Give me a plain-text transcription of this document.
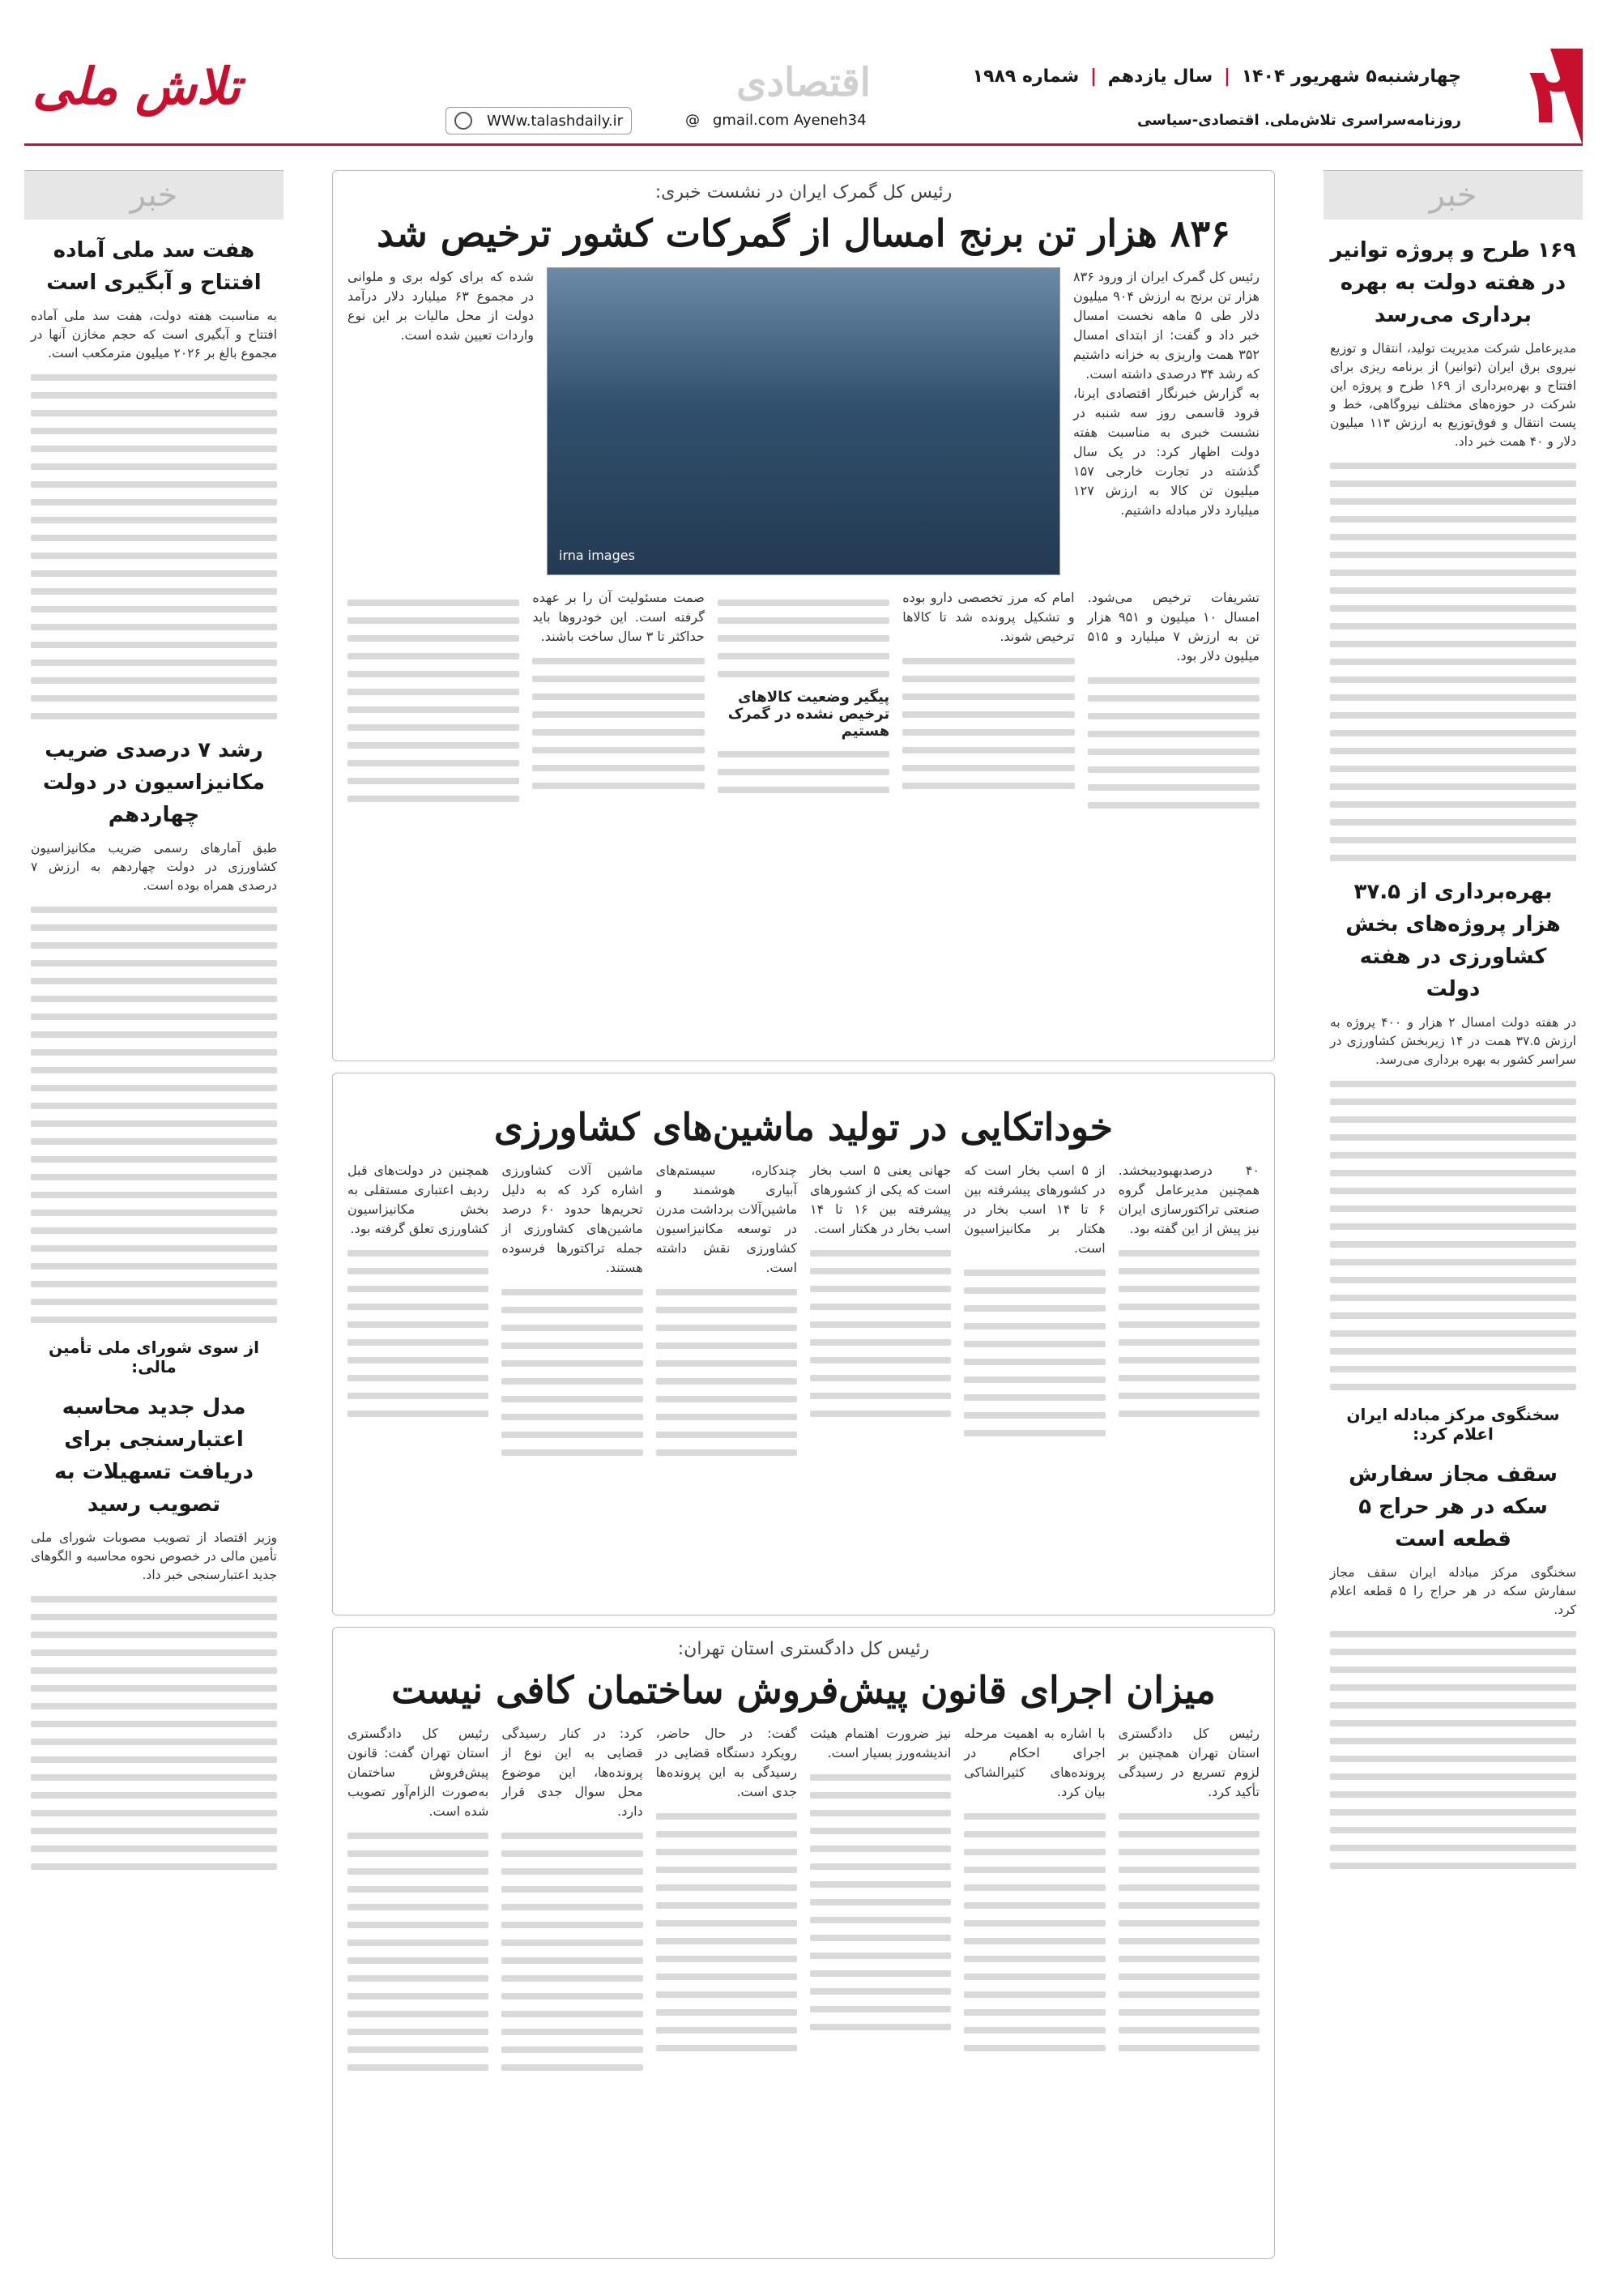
۲
چهارشنبه۵ شهریور ۱۴۰۴ | سال یازدهم | شماره ۱۹۸۹
روزنامه‌سراسری تلاش‌ملی. اقتصادی-سیاسی
اقتصادی
gmail.com Ayeneh34@
WWw.talashdaily.ir
تلاش ملی
خبر
۱۶۹ طرح و پروژه توانیر در هفته دولت به بهره برداری می‌رسد

مدیرعامل شرکت مدیریت تولید، انتقال و توزیع نیروی برق ایران (توانیر) از برنامه ریزی برای افتتاح و بهره‌برداری از ۱۶۹ طرح و پروژه این شرکت در حوزه‌های مختلف نیروگاهی، خط و پست انتقال و فوق‌توزیع به ارزش ۱۱۳ میلیون دلار و ۴۰ همت خبر داد.

بهره‌برداری از ۳۷.۵ هزار پروژه‌های بخش کشاورزی در هفته دولت

در هفته دولت امسال ۲ هزار و ۴۰۰ پروژه به ارزش ۳۷.۵ همت در ۱۴ زیربخش کشاورزی در سراسر کشور به بهره برداری می‌رسد.

سخنگوی مرکز مبادله ایران اعلام کرد:
سقف مجاز سفارش سکه در هر حراج ۵ قطعه است

سخنگوی مرکز مبادله ایران سقف مجاز سفارش سکه در هر حراج را ۵ قطعه اعلام کرد.

خبر
هفت سد ملی آماده افتتاح و آبگیری است

به مناسبت هفته دولت، هفت سد ملی آماده افتتاح و آبگیری است که حجم مخازن آنها در مجموع بالغ بر ۲۰۲۶ میلیون مترمکعب است.

رشد ۷ درصدی ضریب مکانیزاسیون در دولت چهاردهم

طبق آمارهای رسمی ضریب مکانیزاسیون کشاورزی در دولت چهاردهم به ارزش ۷ درصدی همراه بوده است.

از سوی شورای ملی تأمین مالی:
مدل جدید محاسبه اعتبارسنجی برای دریافت تسهیلات به تصویب رسید

وزیر اقتصاد از تصویب مصوبات شورای ملی تأمین مالی در خصوص نحوه محاسبه و الگوهای جدید اعتبارسنجی خبر داد.

رئیس کل گمرک ایران در نشست خبری:
۸۳۶ هزار تن برنج امسال از گمرکات کشور ترخیص شد

رئیس کل گمرک ایران از ورود ۸۳۶ هزار تن برنج به ارزش ۹۰۴ میلیون دلار طی ۵ ماهه نخست امسال خبر داد و گفت: از ابتدای امسال ۳۵۲ همت واریزی به خزانه داشتیم که رشد ۳۴ درصدی داشته است.

به گزارش خبرنگار اقتصادی ایرنا، فرود قاسمی روز سه شنبه در نشست خبری به مناسبت هفته دولت اظهار کرد: در یک سال گذشته در تجارت خارجی ۱۵۷ میلیون تن کالا به ارزش ۱۲۷ میلیارد دلار مبادله داشتیم.

irna images

شده که برای کوله بری و ملوانی در مجموع ۶۳ میلیارد دلار درآمد دولت از محل مالیات بر این نوع واردات تعیین شده است.

تشریفات ترخیص می‌شود. امسال ۱۰ میلیون و ۹۵۱ هزار تن به ارزش ۷ میلیارد و ۵۱۵ میلیون دلار بود.

امام که مرز تخصصی دارو بوده و تشکیل پرونده شد تا کالاها ترخیص شوند.

پیگیر وضعیت کالاهای ترخیص نشده در گمرک هستیم

صمت مسئولیت آن را بر عهده گرفته است. این خودروها باید حداکثر تا ۳ سال ساخت باشند.

خوداتکایی در تولید ماشین‌های کشاورزی

۴۰ درصدبهبودیبخشد. همچنین مدیرعامل گروه صنعتی تراکتورسازی ایران نیز پیش از این گفته بود.

از ۵ اسب بخار است که در کشورهای پیشرفته بین ۶ تا ۱۴ اسب بخار در هکتار بر مکانیزاسیون است.

جهانی یعنی ۵ اسب بخار است که یکی از کشورهای پیشرفته بین ۱۶ تا ۱۴ اسب بخار در هکتار است.

چندکاره، سیستم‌های آبیاری هوشمند و ماشین‌آلات برداشت مدرن در توسعه مکانیزاسیون کشاورزی نقش داشته است.

ماشین آلات کشاورزی اشاره کرد که به دلیل تحریم‌ها حدود ۶۰ درصد ماشین‌های کشاورزی از جمله تراکتورها فرسوده هستند.

همچنین در دولت‌های قبل ردیف اعتباری مستقلی به بخش مکانیزاسیون کشاورزی تعلق گرفته بود.

رئیس کل دادگستری استان تهران:
میزان اجرای قانون پیش‌فروش ساختمان کافی نیست

رئیس کل دادگستری استان تهران همچنین بر لزوم تسریع در رسیدگی تأکید کرد.

با اشاره به اهمیت مرحله اجرای احکام در پرونده‌های کثیرالشاکی بیان کرد.

نیز ضرورت اهتمام هیئت اندیشه‌ورز بسیار است.

گفت: در حال حاضر، رویکرد دستگاه قضایی در رسیدگی به این پرونده‌ها جدی است.

کرد: در کنار رسیدگی قضایی به این نوع از پرونده‌ها، این موضوع محل سوال جدی قرار دارد.

رئیس کل دادگستری استان تهران گفت: قانون پیش‌فروش ساختمان به‌صورت الزام‌آور تصویب شده است.
